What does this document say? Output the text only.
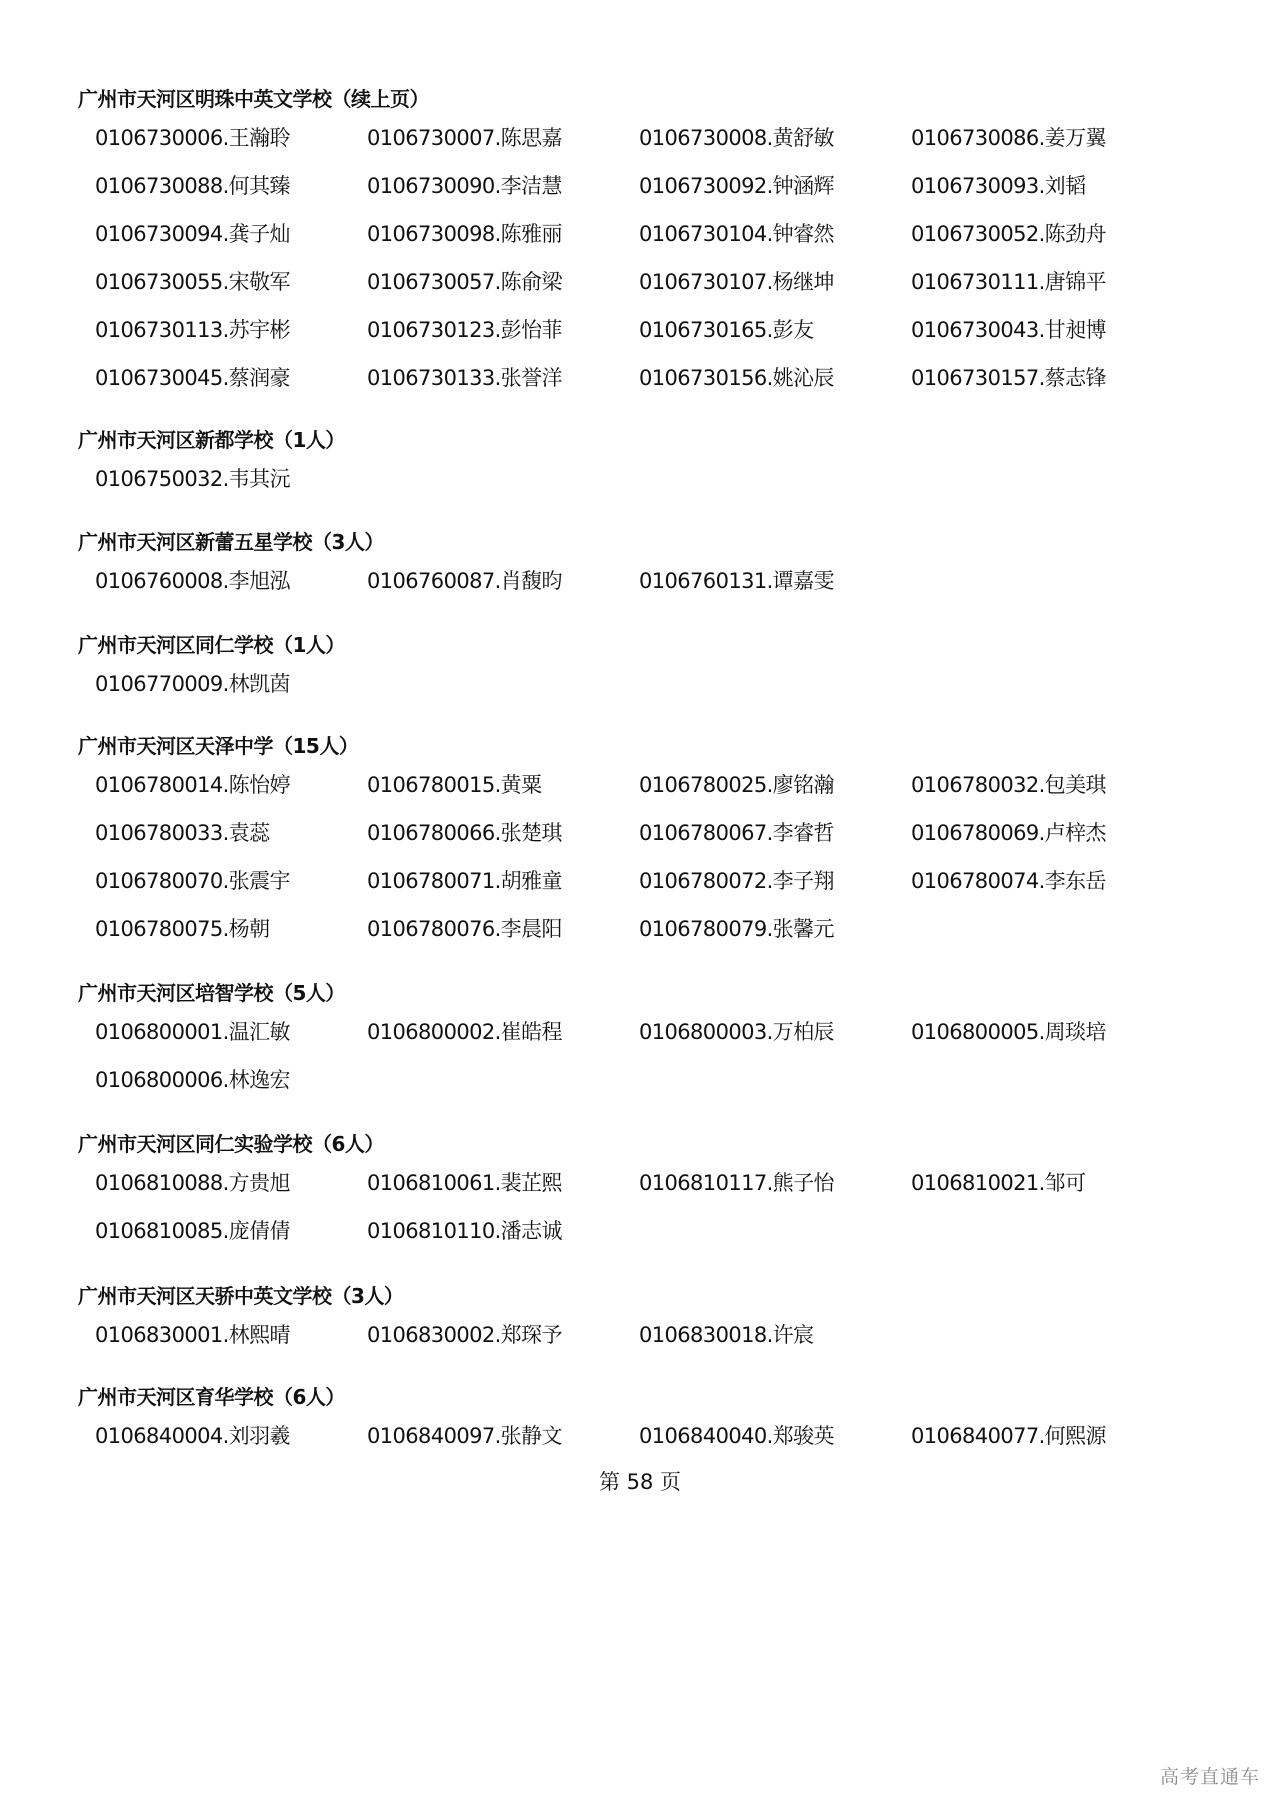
广州市天河区明珠中英文学校（续上页）
0106730006.王瀚聆	0106730007.陈思嘉	0106730008.黄舒敏	0106730086.姜万翼
0106730088.何其臻	0106730090.李洁慧	0106730092.钟涵辉	0106730093.刘韬
0106730094.龚子灿	0106730098.陈雅丽	0106730104.钟睿然	0106730052.陈劲舟
0106730055.宋敬军	0106730057.陈俞梁	0106730107.杨继坤	0106730111.唐锦平
0106730113.苏宇彬	0106730123.彭怡菲	0106730165.彭友	0106730043.甘昶博
0106730045.蔡润豪	0106730133.张誉洋	0106730156.姚沁辰	0106730157.蔡志锋
广州市天河区新都学校（1人）
0106750032.韦其沅
广州市天河区新蕾五星学校（3人）
0106760008.李旭泓	0106760087.肖馥昀	0106760131.谭嘉雯
广州市天河区同仁学校（1人）
0106770009.林凯茵
广州市天河区天泽中学（15人）
0106780014.陈怡婷	0106780015.黄粟	0106780025.廖铭瀚	0106780032.包美琪
0106780033.袁蕊	0106780066.张楚琪	0106780067.李睿哲	0106780069.卢梓杰
0106780070.张震宇	0106780071.胡雅童	0106780072.李子翔	0106780074.李东岳
0106780075.杨朝	0106780076.李晨阳	0106780079.张馨元
广州市天河区培智学校（5人）
0106800001.温汇敏	0106800002.崔皓程	0106800003.万柏辰	0106800005.周琰培
0106800006.林逸宏
广州市天河区同仁实验学校（6人）
0106810088.方贵旭	0106810061.裴芷熙	0106810117.熊子怡	0106810021.邹可
0106810085.庞倩倩	0106810110.潘志诚
广州市天河区天骄中英文学校（3人）
0106830001.林熙晴	0106830002.郑琛予	0106830018.许宸
广州市天河区育华学校（6人）
0106840004.刘羽羲	0106840097.张静文	0106840040.郑骏英	0106840077.何熙源
第 58 页
高考直通车
